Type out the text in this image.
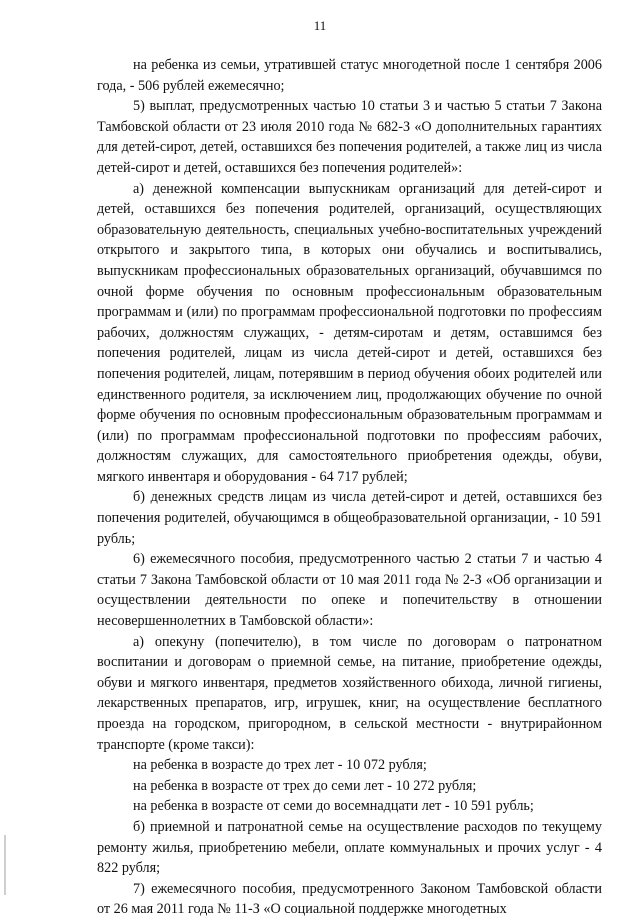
11

на ребенка из семьи, утратившей статус многодетной после 1 сентября 2006 года, - 506 рублей ежемесячно;

5) выплат, предусмотренных частью 10 статьи 3 и частью 5 статьи 7 Закона Тамбовской области от 23 июля 2010 года № 682-З «О дополнительных гарантиях для детей-сирот, детей, оставшихся без попечения родителей, а также лиц из числа детей-сирот и детей, оставшихся без попечения родителей»:

а) денежной компенсации выпускникам организаций для детей-сирот и детей, оставшихся без попечения родителей, организаций, осуществляющих образовательную деятельность, специальных учебно-воспитательных учреждений открытого и закрытого типа, в которых они обучались и воспитывались, выпускникам профессиональных образовательных организаций, обучавшимся по очной форме обучения по основным профессиональным образовательным программам и (или) по программам профессиональной подготовки по профессиям рабочих, должностям служащих, - детям-сиротам и детям, оставшимся без попечения родителей, лицам из числа детей-сирот и детей, оставшихся без попечения родителей, лицам, потерявшим в период обучения обоих родителей или единственного родителя, за исключением лиц, продолжающих обучение по очной форме обучения по основным профессиональным образовательным программам и (или) по программам профессиональной подготовки по профессиям рабочих, должностям служащих, для самостоятельного приобретения одежды, обуви, мягкого инвентаря и оборудования - 64 717 рублей;

б) денежных средств лицам из числа детей-сирот и детей, оставшихся без попечения родителей, обучающимся в общеобразовательной организации, - 10 591 рубль;

6) ежемесячного пособия, предусмотренного частью 2 статьи 7 и частью 4 статьи 7 Закона Тамбовской области от 10 мая 2011 года № 2-З «Об организации и осуществлении деятельности по опеке и попечительству в отношении несовершеннолетних в Тамбовской области»:

а) опекуну (попечителю), в том числе по договорам о патронатном воспитании и договорам о приемной семье, на питание, приобретение одежды, обуви и мягкого инвентаря, предметов хозяйственного обихода, личной гигиены, лекарственных препаратов, игр, игрушек, книг, на осуществление бесплатного проезда на городском, пригородном, в сельской местности - внутрирайонном транспорте (кроме такси):

на ребенка в возрасте до трех лет - 10 072 рубля;

на ребенка в возрасте от трех до семи лет - 10 272 рубля;

на ребенка в возрасте от семи до восемнадцати лет - 10 591 рубль;

б) приемной и патронатной семье на осуществление расходов по текущему ремонту жилья, приобретению мебели, оплате коммунальных и прочих услуг - 4 822 рубля;

7) ежемесячного пособия, предусмотренного Законом Тамбовской области от 26 мая 2011 года № 11-З «О социальной поддержке многодетных
